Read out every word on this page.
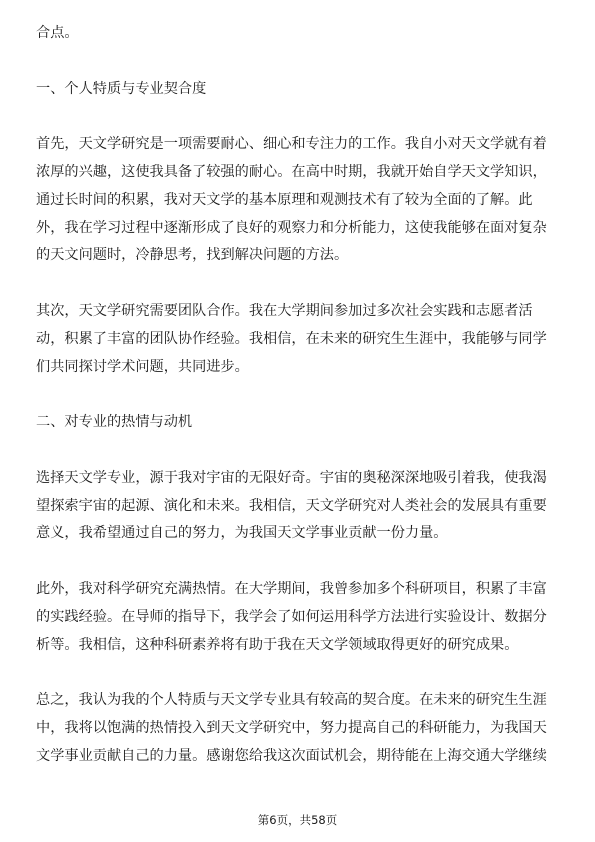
合点。

一、个人特质与专业契合度

首先，天文学研究是一项需要耐心、细心和专注力的工作。我自小对天文学就有着
浓厚的兴趣，这使我具备了较强的耐心。在高中时期，我就开始自学天文学知识，
通过长时间的积累，我对天文学的基本原理和观测技术有了较为全面的了解。此
外，我在学习过程中逐渐形成了良好的观察力和分析能力，这使我能够在面对复杂
的天文问题时，冷静思考，找到解决问题的方法。
其次，天文学研究需要团队合作。我在大学期间参加过多次社会实践和志愿者活
动，积累了丰富的团队协作经验。我相信，在未来的研究生生涯中，我能够与同学
们共同探讨学术问题，共同进步。

二、对专业的热情与动机

选择天文学专业，源于我对宇宙的无限好奇。宇宙的奥秘深深地吸引着我，使我渴
望探索宇宙的起源、演化和未来。我相信，天文学研究对人类社会的发展具有重要
意义，我希望通过自己的努力，为我国天文学事业贡献一份力量。
此外，我对科学研究充满热情。在大学期间，我曾参加多个科研项目，积累了丰富
的实践经验。在导师的指导下，我学会了如何运用科学方法进行实验设计、数据分
析等。我相信，这种科研素养将有助于我在天文学领域取得更好的研究成果。
总之，我认为我的个人特质与天文学专业具有较高的契合度。在未来的研究生生涯
中，我将以饱满的热情投入到天文学研究中，努力提高自己的科研能力，为我国天
文学事业贡献自己的力量。感谢您给我这次面试机会，期待能在上海交通大学继续
第6页，共58页
